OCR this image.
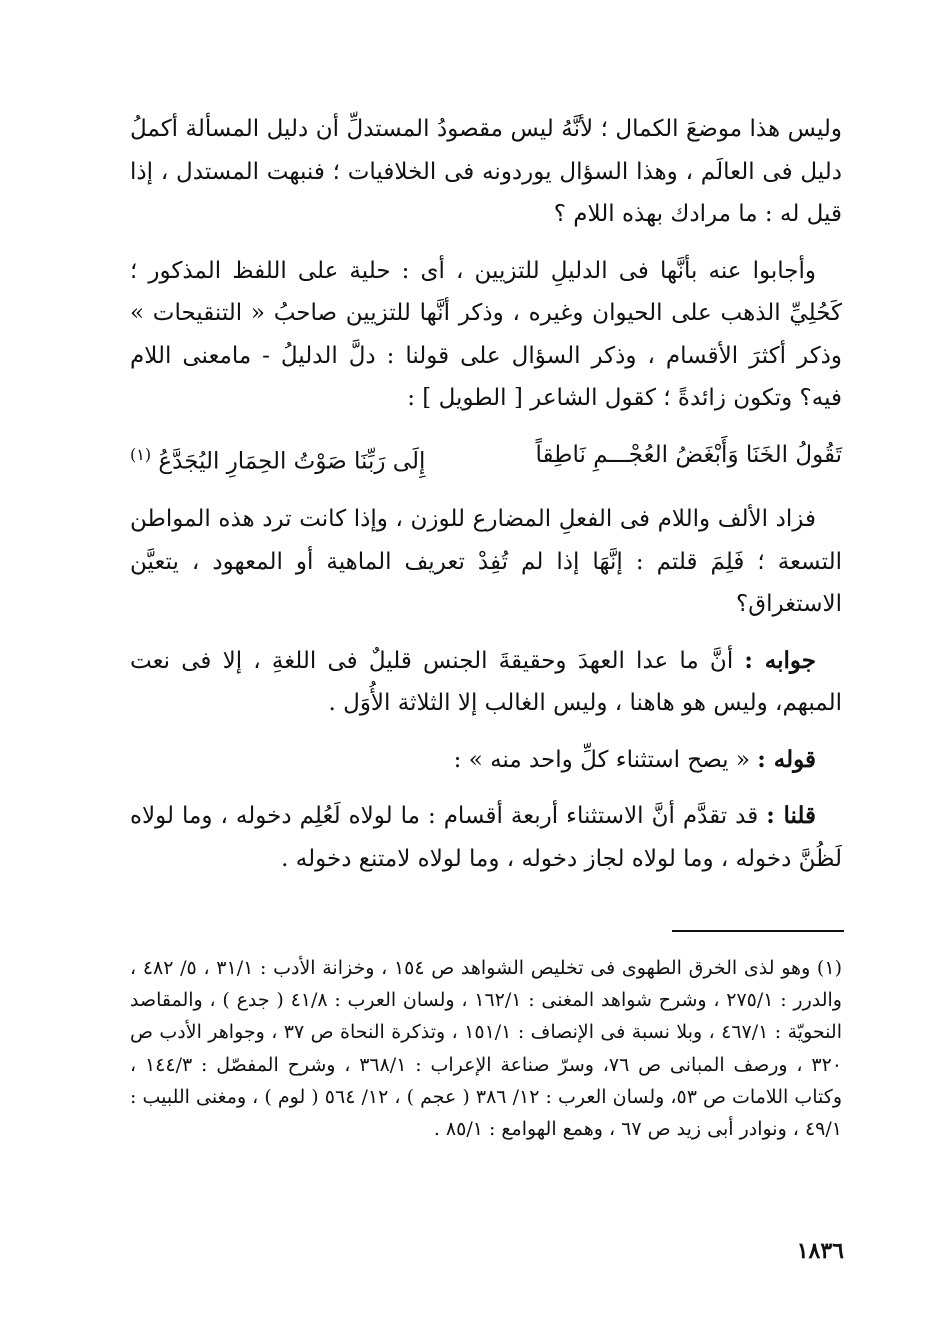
وليس هذا موضعَ الكمال ؛ لأنَّهُ ليس مقصودُ المستدلِّ أن دليل المسألة أكملُ دليل فى العالَم ، وهذا السؤال يوردونه فى الخلافيات ؛ فنبهت المستدل ، إذا قيل له : ما مرادك بهذه اللام ؟

وأجابوا عنه بأنَّها فى الدليلِ للتزيين ، أى : حلية على اللفظ المذكور ؛ كَحُلِيِّ الذهب على الحيوان وغيره ، وذكر أنَّها للتزيين صاحبُ « التنقيحات » وذكر أكثرَ الأقسام ، وذكر السؤال على قولنا : دلَّ الدليلُ - مامعنى اللام فيه؟ وتكون زائدةً ؛ كقول الشاعر [ الطويل ] :

تَقُولُ الخَنَا وَأَبْغَضُ العُجْـــمِ نَاطِقاً
إِلَى رَبِّنَا صَوْتُ الحِمَارِ اليُجَدَّعُ $^{(١)}$

فزاد الألف واللام فى الفعلِ المضارع للوزن ، وإذا كانت ترد هذه المواطن التسعة ؛ فَلِمَ قلتم : إنَّهَا إذا لم تُفِدْ تعريف الماهية أو المعهود ، يتعيَّن الاستغراق؟

جوابه : أنَّ ما عدا العهدَ وحقيقةَ الجنس قليلٌ فى اللغةِ ، إلا فى نعت المبهم، وليس هو هاهنا ، وليس الغالب إلا الثلاثة الأُوَل .

قوله : « يصح استثناء كلِّ واحد منه » :

قلنا : قد تقدَّم أنَّ الاستثناء أربعة أقسام : ما لولاه لَعُلِم دخوله ، وما لولاه لَظُنَّ دخوله ، وما لولاه لجاز دخوله ، وما لولاه لامتنع دخوله .

(١) وهو لذى الخرق الطهوى فى تخليص الشواهد ص ١٥٤ ، وخزانة الأدب : ٣١/١ ، ٥/ ٤٨٢ ، والدرر : ٢٧٥/١ ، وشرح شواهد المغنى : ١٦٢/١ ، ولسان العرب : ٤١/٨ ( جدع ) ، والمقاصد النحويّة : ٤٦٧/١ ، وبلا نسبة فى الإنصاف : ١٥١/١ ، وتذكرة النحاة ص ٣٧ ، وجواهر الأدب ص ٣٢٠ ، ورصف المبانى ص ٧٦، وسرّ صناعة الإعراب : ٣٦٨/١ ، وشرح المفصّل : ١٤٤/٣ ، وكتاب اللامات ص ٥٣، ولسان العرب : ١٢/ ٣٨٦ ( عجم ) ، ١٢/ ٥٦٤ ( لوم ) ، ومغنى اللبيب : ٤٩/١ ، ونوادر أبى زيد ص ٦٧ ، وهمع الهوامع : ٨٥/١ .
١٨٣٦
